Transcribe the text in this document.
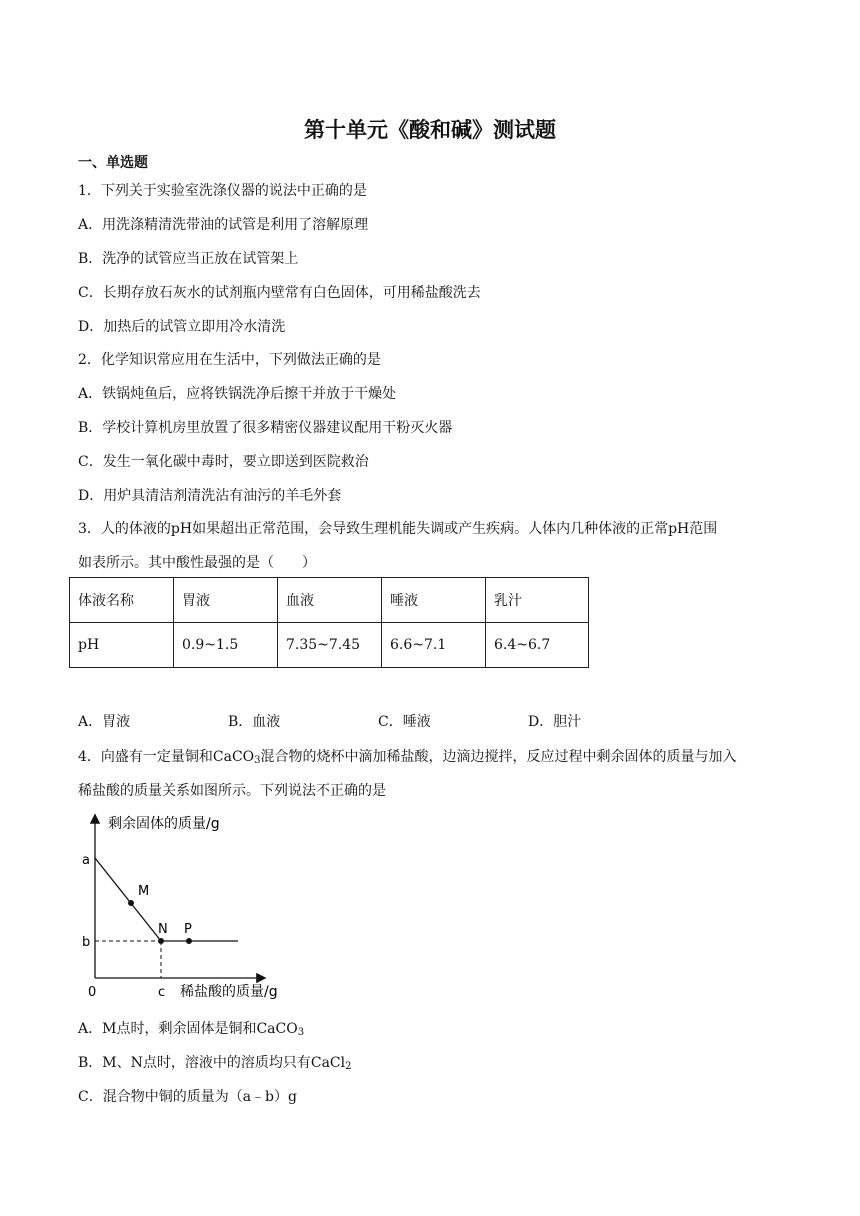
第十单元《酸和碱》测试题
一、单选题
1．下列关于实验室洗涤仪器的说法中正确的是
A．用洗涤精清洗带油的试管是利用了溶解原理
B．洗净的试管应当正放在试管架上
C．长期存放石灰水的试剂瓶内壁常有白色固体，可用稀盐酸洗去
D．加热后的试管立即用冷水清洗
2．化学知识常应用在生活中，下列做法正确的是
A．铁锅炖鱼后，应将铁锅洗净后擦干并放于干燥处
B．学校计算机房里放置了很多精密仪器建议配用干粉灭火器
C．发生一氧化碳中毒时，要立即送到医院救治
D．用炉具清洁剂清洗沾有油污的羊毛外套
3．人的体液的pH如果超出正常范围，会导致生理机能失调或产生疾病。人体内几种体液的正常pH范围
如表所示。其中酸性最强的是（　　）
体液名称	胃液	血液	唾液	乳汁
pH	0.9~1.5	7.35~7.45	6.6~7.1	6.4~6.7
A．胃液	B．血液	C．唾液	D．胆汁
4．向盛有一定量铜和CaCO$_3$混合物的烧杯中滴加稀盐酸，边滴边搅拌，反应过程中剩余固体的质量与加入
稀盐酸的质量关系如图所示。下列说法不正确的是
剩余固体的质量/g
稀盐酸的质量/g
0
a
b
c
M
N P
A．M点时，剩余固体是铜和CaCO$_3$
B．M、N点时，溶液中的溶质均只有CaCl$_2$
C．混合物中铜的质量为（a﹣b）g
